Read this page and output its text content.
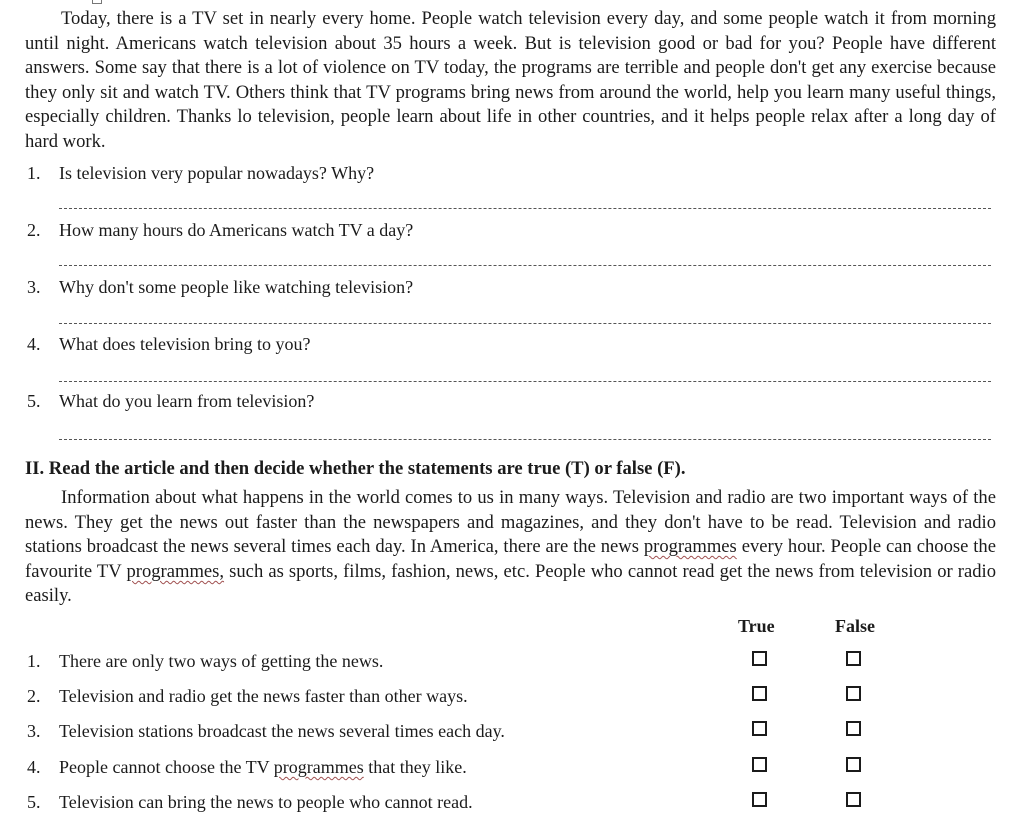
Today, there is a TV set in nearly every home. People watch television every day, and some people watch it from morning until night. Americans watch television about 35 hours a week. But is television good or bad for you? People have different answers. Some say that there is a lot of violence on TV today, the programs are terrible and people don't get any exercise because they only sit and watch TV. Others think that TV programs bring news from around the world, help you learn many useful things, especially children. Thanks lo television, people learn about life in other countries, and it helps people relax after a long day of hard work.

1. Is television very popular nowadays? Why?
2. How many hours do Americans watch TV a day?
3. Why don't some people like watching television?
4. What does television bring to you?
5. What do you learn from television?
II. Read the article and then decide whether the statements are true (T) or false (F).

Information about what happens in the world comes to us in many ways. Television and radio are two important ways of the news. They get the news out faster than the newspapers and magazines, and they don't have to be read. Television and radio stations broadcast the news several times each day. In America, there are the news programmes every hour. People can choose the favourite TV programmes, such as sports, films, fashion, news, etc. People who cannot read get the news from television or radio easily.

True	False
1. There are only two ways of getting the news.
2. Television and radio get the news faster than other ways.
3. Television stations broadcast the news several times each day.
4. People cannot choose the TV programmes that they like.
5. Television can bring the news to people who cannot read.
